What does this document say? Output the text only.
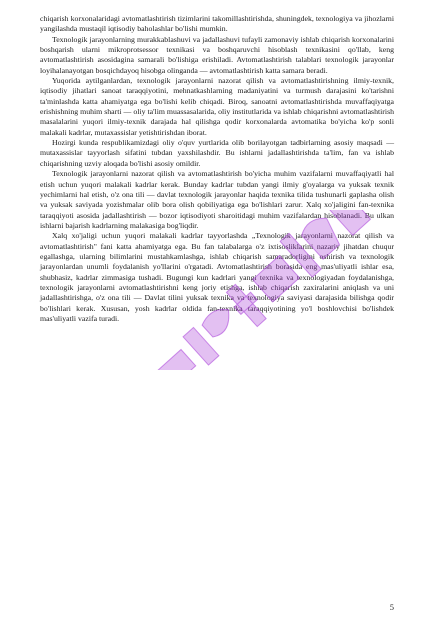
chiqarish korxonalaridagi avtomatlashtirish tizimlarini takomillashtirishda, shuningdek, texnologiya va jihozlarni yangilashda mustaqil iqtisodiy baholashlar bo'lishi mumkin.

Texnologik jarayonlarning murakkablashuvi va jadallashuvi tufayli zamonaviy ishlab chiqarish korxonalarini boshqarish ularni mikroprotsessor texnikasi va boshqaruvchi hisoblash texnikasini qo'llab, keng avtomatlashtirish asosidagina samarali bo'lishiga erishiladi. Avtomatlashtirish talablari texnologik jarayonlar loyihalanayotgan bosqichdayoq hisobga olinganda — avtomatlashtirish katta samara beradi.

Yuqorida aytilganlardan, texnologik jarayonlarni nazorat qilish va avtomatlashtirishning ilmiy-texnik, iqtisodiy jihatlari sanoat taraqqiyotini, mehnatkashlarning madaniyatini va turmush darajasini ko'tarishni ta'minlashda katta ahamiyatga ega bo'lishi kelib chiqadi. Biroq, sanoatni avtomatlashtirishda muvaffaqiyatga erishishning muhim sharti — oliy ta'lim muassasalarida, oliy institutlarida va ishlab chiqarishni avtomatlashtirish masalalarini yuqori ilmiy-texnik darajada hal qilishga qodir korxonalarda avtomatika bo'yicha ko'p sonli malakali kadrlar, mutaxassislar yetishtirishdan iborat.

Hozirgi kunda respublikamizdagi oliy o'quv yurtlarida olib borilayotgan tadbirlarning asosiy maqsadi — mutaxassislar tayyorlash sifatini tubdan yaxshilashdir. Bu ishlarni jadallashtirishda ta'lim, fan va ishlab chiqarishning uzviy aloqada bo'lishi asosiy omildir.

Texnologik jarayonlarni nazorat qilish va avtomatlashtirish bo'yicha muhim vazifalarni muvaffaqiyatli hal etish uchun yuqori malakali kadrlar kerak. Bunday kadrlar tubdan yangi ilmiy g'oyalarga va yuksak texnik yechimlarni hal etish, o'z ona tili — davlat texnologik jarayonlar haqida texnika tilida tushunarli gaplasha olish va yuksak saviyada yozishmalar olib bora olish qobiliyatiga ega bo'lishlari zarur. Xalq xo'jaligini fan-texnika taraqqiyoti asosida jadallashtirish — bozor iqtisodiyoti sharoitidagi muhim vazifalardan hisoblanadi. Bu ulkan ishlarni bajarish kadrlarning malakasiga bog'liqdir.

Xalq xo'jaligi uchun yuqori malakali kadrlar tayyorlashda „Texnologik jarayonlarni nazorat qilish va avtomatlashtirish" fani katta ahamiyatga ega. Bu fan talabalarga o'z ixtisosliklarini nazariy jihatdan chuqur egallashga, ularning bilimlarini mustahkamlashga, ishlab chiqarish samaradorligini oshirish va texnologik jarayonlardan unumli foydalanish yo'llarini o'rgatadi. Avtomatlashtirish borasida eng mas'uliyatli ishlar esa, shubhasiz, kadrlar zimmasiga tushadi. Bugungi kun kadrlari yangi texnika va texnologiyadan foydalanishga, texnologik jarayonlarni avtomatlashtirishni keng joriy etishga, ishlab chiqarish zaxiralarini aniqlash va uni jadallashtirishga, o'z ona tili — Davlat tilini yuksak texnika va texnologiya saviyasi darajasida bilishga qodir bo'lishlari kerak. Xususan, yosh kadrlar oldida fan-texnika taraqqiyotining yo'l boshlovchisi bo'lishdek mas'uliyatli vazifa turadi.

5
